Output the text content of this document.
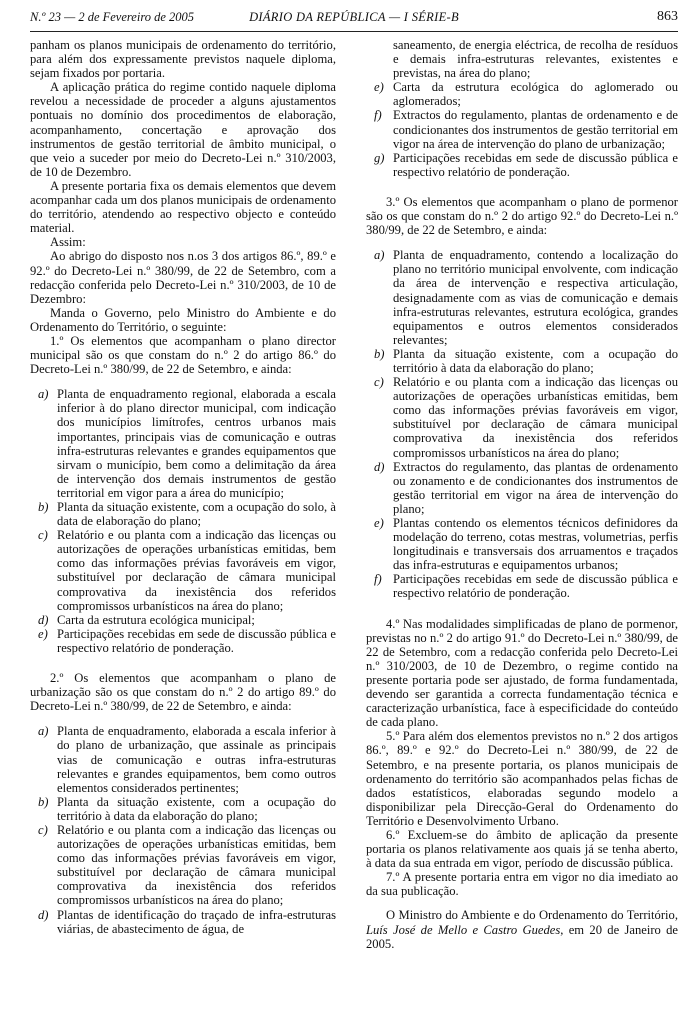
N.º 23 — 2 de Fevereiro de 2005	DIÁRIO DA REPÚBLICA — I SÉRIE-B	863

panham os planos municipais de ordenamento do território, para além dos expressamente previstos naquele diploma, sejam fixados por portaria.

A aplicação prática do regime contido naquele diploma revelou a necessidade de proceder a alguns ajustamentos pontuais no domínio dos procedimentos de elaboração, acompanhamento, concertação e aprovação dos instrumentos de gestão territorial de âmbito municipal, o que veio a suceder por meio do Decreto-Lei n.º 310/2003, de 10 de Dezembro.

A presente portaria fixa os demais elementos que devem acompanhar cada um dos planos municipais de ordenamento do território, atendendo ao respectivo objecto e conteúdo material.

Assim:

Ao abrigo do disposto nos n.os 3 dos artigos 86.º, 89.º e 92.º do Decreto-Lei n.º 380/99, de 22 de Setembro, com a redacção conferida pelo Decreto-Lei n.º 310/2003, de 10 de Dezembro:

Manda o Governo, pelo Ministro do Ambiente e do Ordenamento do Território, o seguinte:

1.º Os elementos que acompanham o plano director municipal são os que constam do n.º 2 do artigo 86.º do Decreto-Lei n.º 380/99, de 22 de Setembro, e ainda:

a) Planta de enquadramento regional, elaborada a escala inferior à do plano director municipal, com indicação dos municípios limítrofes, centros urbanos mais importantes, principais vias de comunicação e outras infra-estruturas relevantes e grandes equipamentos que sirvam o município, bem como a delimitação da área de intervenção dos demais instrumentos de gestão territorial em vigor para a área do município;

b) Planta da situação existente, com a ocupação do solo, à data de elaboração do plano;

c) Relatório e ou planta com a indicação das licenças ou autorizações de operações urbanísticas emitidas, bem como das informações prévias favoráveis em vigor, substituível por declaração de câmara municipal comprovativa da inexistência dos referidos compromissos urbanísticos na área do plano;

d) Carta da estrutura ecológica municipal;

e) Participações recebidas em sede de discussão pública e respectivo relatório de ponderação.

2.º Os elementos que acompanham o plano de urbanização são os que constam do n.º 2 do artigo 89.º do Decreto-Lei n.º 380/99, de 22 de Setembro, e ainda:

a) Planta de enquadramento, elaborada a escala inferior à do plano de urbanização, que assinale as principais vias de comunicação e outras infra-estruturas relevantes e grandes equipamentos, bem como outros elementos considerados pertinentes;

b) Planta da situação existente, com a ocupação do território à data da elaboração do plano;

c) Relatório e ou planta com a indicação das licenças ou autorizações de operações urbanísticas emitidas, bem como das informações prévias favoráveis em vigor, substituível por declaração de câmara municipal comprovativa da inexistência dos referidos compromissos urbanísticos na área do plano;

d) Plantas de identificação do traçado de infra-estruturas viárias, de abastecimento de água, de

saneamento, de energia eléctrica, de recolha de resíduos e demais infra-estruturas relevantes, existentes e previstas, na área do plano;

e) Carta da estrutura ecológica do aglomerado ou aglomerados;

f) Extractos do regulamento, plantas de ordenamento e de condicionantes dos instrumentos de gestão territorial em vigor na área de intervenção do plano de urbanização;

g) Participações recebidas em sede de discussão pública e respectivo relatório de ponderação.

3.º Os elementos que acompanham o plano de pormenor são os que constam do n.º 2 do artigo 92.º do Decreto-Lei n.º 380/99, de 22 de Setembro, e ainda:

a) Planta de enquadramento, contendo a localização do plano no território municipal envolvente, com indicação da área de intervenção e respectiva articulação, designadamente com as vias de comunicação e demais infra-estruturas relevantes, estrutura ecológica, grandes equipamentos e outros elementos considerados relevantes;

b) Planta da situação existente, com a ocupação do território à data da elaboração do plano;

c) Relatório e ou planta com a indicação das licenças ou autorizações de operações urbanísticas emitidas, bem como das informações prévias favoráveis em vigor, substituível por declaração de câmara municipal comprovativa da inexistência dos referidos compromissos urbanísticos na área do plano;

d) Extractos do regulamento, das plantas de ordenamento ou zonamento e de condicionantes dos instrumentos de gestão territorial em vigor na área de intervenção do plano;

e) Plantas contendo os elementos técnicos definidores da modelação do terreno, cotas mestras, volumetrias, perfis longitudinais e transversais dos arruamentos e traçados das infra-estruturas e equipamentos urbanos;

f) Participações recebidas em sede de discussão pública e respectivo relatório de ponderação.

4.º Nas modalidades simplificadas de plano de pormenor, previstas no n.º 2 do artigo 91.º do Decreto-Lei n.º 380/99, de 22 de Setembro, com a redacção conferida pelo Decreto-Lei n.º 310/2003, de 10 de Dezembro, o regime contido na presente portaria pode ser ajustado, de forma fundamentada, devendo ser garantida a correcta fundamentação técnica e caracterização urbanística, face à especificidade do conteúdo de cada plano.

5.º Para além dos elementos previstos no n.º 2 dos artigos 86.º, 89.º e 92.º do Decreto-Lei n.º 380/99, de 22 de Setembro, e na presente portaria, os planos municipais de ordenamento do território são acompanhados pelas fichas de dados estatísticos, elaboradas segundo modelo a disponibilizar pela Direcção-Geral do Ordenamento do Território e Desenvolvimento Urbano.

6.º Excluem-se do âmbito de aplicação da presente portaria os planos relativamente aos quais já se tenha aberto, à data da sua entrada em vigor, período de discussão pública.

7.º A presente portaria entra em vigor no dia imediato ao da sua publicação.

O Ministro do Ambiente e do Ordenamento do Território, Luís José de Mello e Castro Guedes, em 20 de Janeiro de 2005.
